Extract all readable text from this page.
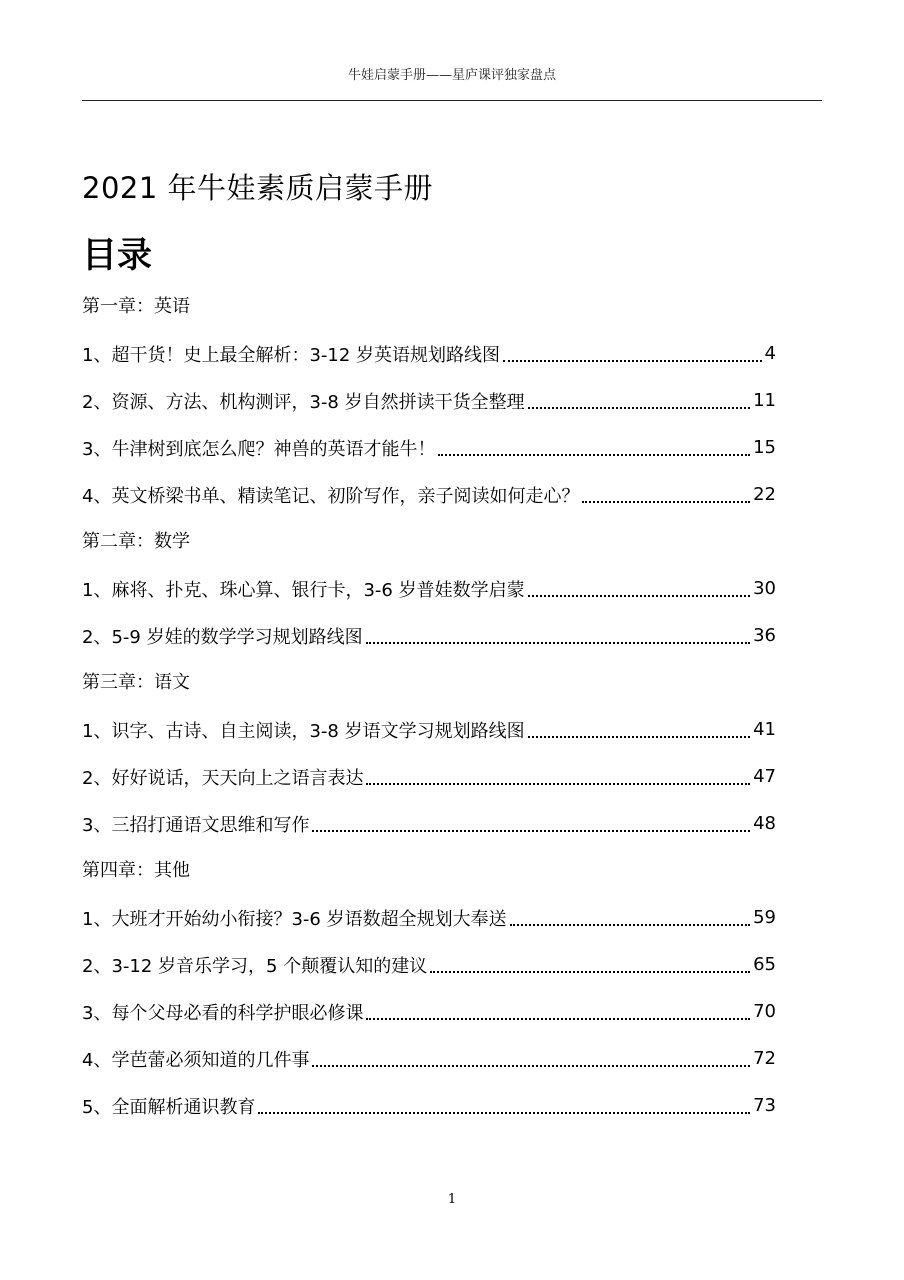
牛娃启蒙手册——星庐课评独家盘点
2021 年牛娃素质启蒙手册
目录
第一章：英语
1、 超干货！史上最全解析：3-12 岁英语规划路线图	4
2、 资源、方法、机构测评，3-8 岁自然拼读干货全整理	11
3、 牛津树到底怎么爬？神兽的英语才能牛！	15
4、 英文桥梁书单、精读笔记、初阶写作，亲子阅读如何走心？	22
第二章：数学
1、 麻将、扑克、珠心算、银行卡，3-6 岁普娃数学启蒙	30
2、 5-9 岁娃的数学学习规划路线图	36
第三章：语文
1、 识字、古诗、自主阅读，3-8 岁语文学习规划路线图	41
2、 好好说话，天天向上之语言表达	47
3、 三招打通语文思维和写作	48
第四章：其他
1、 大班才开始幼小衔接？3-6 岁语数超全规划大奉送	59
2、 3-12 岁音乐学习，5 个颠覆认知的建议	65
3、 每个父母必看的科学护眼必修课	70
4、 学芭蕾必须知道的几件事	72
5、 全面解析通识教育	73
1
